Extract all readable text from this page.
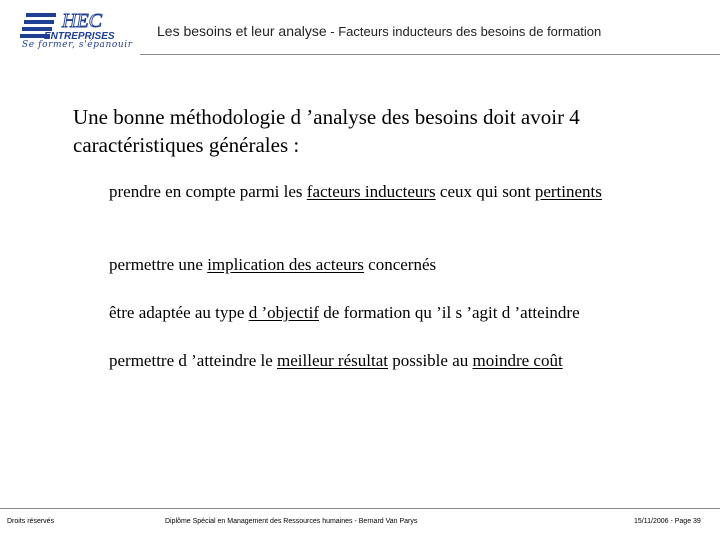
HEC
ENTREPRISES
Se former, s'épanouir
Les besoins et leur analyse - Facteurs inducteurs des besoins de formation
Une bonne méthodologie d ’analyse des besoins doit avoir 4 caractéristiques générales :
prendre en compte parmi les facteurs inducteurs ceux qui sont pertinents
permettre une implication des acteurs concernés
être adaptée au type d ’objectif de formation qu ’il s ’agit d ’atteindre
permettre d ’atteindre le meilleur résultat possible au moindre coût
Droits réservés	Diplôme Spécial en Management des Ressources humaines - Bernard Van Parys	15/11/2006 - Page 39
